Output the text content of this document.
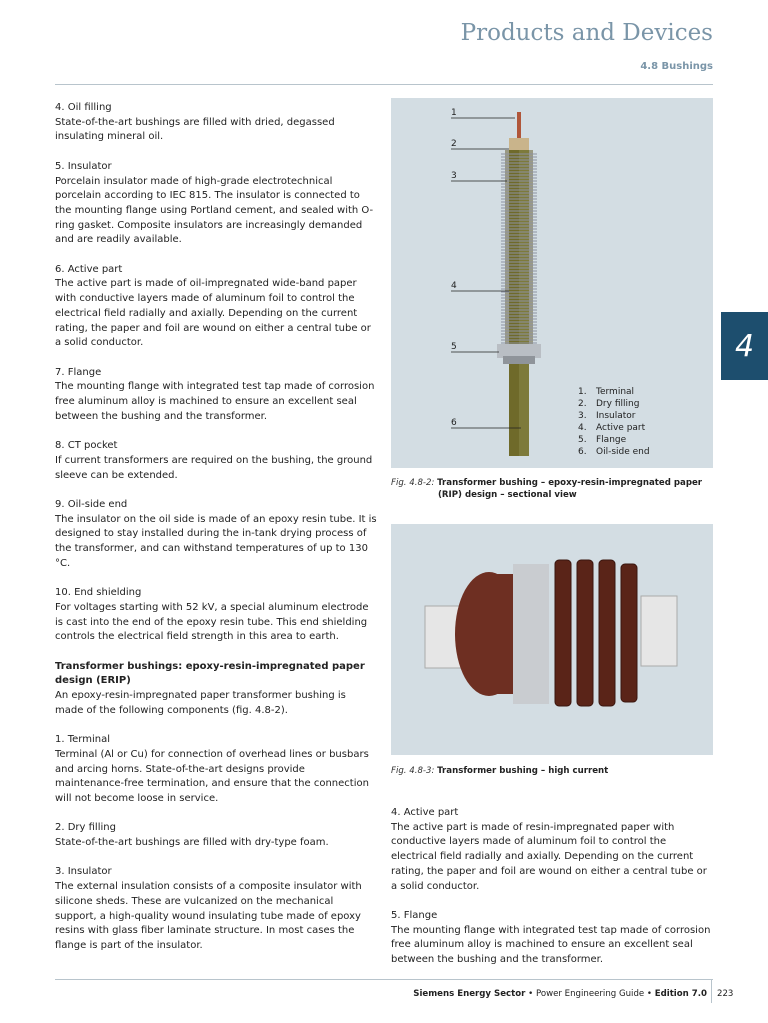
Products and Devices
4.8 Bushings

4. Oil filling
State-of-the-art bushings are filled with dried, degassed insulating mineral oil.

5. Insulator
Porcelain insulator made of high-grade electrotechnical porcelain according to IEC 815. The insulator is connected to the mounting flange using Portland cement, and sealed with O-ring gasket. Composite insulators are increasingly demanded and are readily available.

6. Active part
The active part is made of oil-impregnated wide-band paper with conductive layers made of aluminum foil to control the electrical field radially and axially. Depending on the current rating, the paper and foil are wound on either a central tube or a solid conductor.

7. Flange
The mounting flange with integrated test tap made of corrosion free aluminum alloy is machined to ensure an excellent seal between the bushing and the transformer.

8. CT pocket
If current transformers are required on the bushing, the ground sleeve can be extended.

9. Oil-side end
The insulator on the oil side is made of an epoxy resin tube. It is designed to stay installed during the in-tank drying process of the transformer, and can withstand temperatures of up to 130 °C.

10. End shielding
For voltages starting with 52 kV, a special aluminum electrode is cast into the end of the epoxy resin tube. This end shielding controls the electrical field strength in this area to earth.

Transformer bushings: epoxy-resin-impregnated paper design (ERIP)
An epoxy-resin-impregnated paper transformer bushing is made of the following components (fig. 4.8-2).

1. Terminal
Terminal (Al or Cu) for connection of overhead lines or busbars and arcing horns. State-of-the-art designs provide maintenance-free termination, and ensure that the connection will not become loose in service.

2. Dry filling
State-of-the-art bushings are filled with dry-type foam.

3. Insulator
The external insulation consists of a composite insulator with silicone sheds. These are vulcanized on the mechanical support, a high-quality wound insulating tube made of epoxy resins with glass fiber laminate structure. In most cases the flange is part of the insulator.

1
2
3
4
5
6
1.	Terminal
2.	Dry filling
3.	Insulator
4.	Active part
5.	Flange
6.	Oil-side end
Fig. 4.8-2: Transformer bushing – epoxy-resin-impregnated paper
(RIP) design – sectional view
Fig. 4.8-3: Transformer bushing – high current

4. Active part
The active part is made of resin-impregnated paper with conductive layers made of aluminum foil to control the electrical field radially and axially. Depending on the current rating, the paper and foil are wound on either a central tube or a solid conductor.

5. Flange
The mounting flange with integrated test tap made of corrosion free aluminum alloy is machined to ensure an excellent seal between the bushing and the transformer.

4
Siemens Energy Sector • Power Engineering Guide • Edition 7.0 223
